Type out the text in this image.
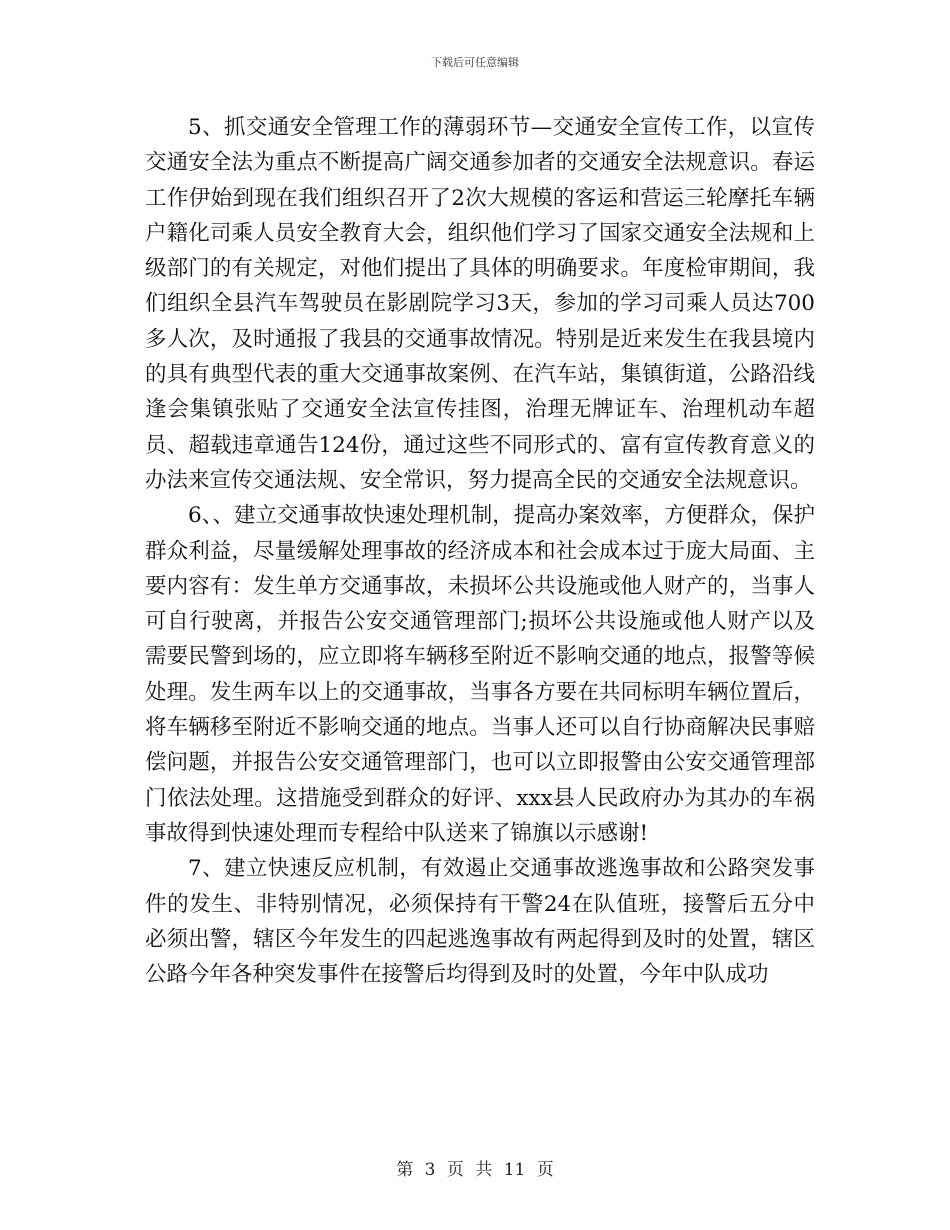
下载后可任意编辑

5、抓交通安全管理工作的薄弱环节—交通安全宣传工作，以宣传交通安全法为重点不断提高广阔交通参加者的交通安全法规意识。春运工作伊始到现在我们组织召开了2次大规模的客运和营运三轮摩托车辆户籍化司乘人员安全教育大会，组织他们学习了国家交通安全法规和上级部门的有关规定，对他们提出了具体的明确要求。年度检审期间，我们组织全县汽车驾驶员在影剧院学习3天，参加的学习司乘人员达700多人次，及时通报了我县的交通事故情况。特别是近来发生在我县境内的具有典型代表的重大交通事故案例、在汽车站，集镇街道，公路沿线逢会集镇张贴了交通安全法宣传挂图，治理无牌证车、治理机动车超员、超载违章通告124份，通过这些不同形式的、富有宣传教育意义的办法来宣传交通法规、安全常识，努力提高全民的交通安全法规意识。

6、、建立交通事故快速处理机制，提高办案效率，方便群众，保护群众利益，尽量缓解处理事故的经济成本和社会成本过于庞大局面、主要内容有：发生单方交通事故，未损坏公共设施或他人财产的，当事人可自行驶离，并报告公安交通管理部门;损坏公共设施或他人财产以及需要民警到场的，应立即将车辆移至附近不影响交通的地点，报警等候处理。发生两车以上的交通事故，当事各方要在共同标明车辆位置后，将车辆移至附近不影响交通的地点。当事人还可以自行协商解决民事赔偿问题，并报告公安交通管理部门，也可以立即报警由公安交通管理部门依法处理。这措施受到群众的好评、xxx县人民政府办为其办的车祸事故得到快速处理而专程给中队送来了锦旗以示感谢!

7、建立快速反应机制，有效遏止交通事故逃逸事故和公路突发事件的发生、非特别情况，必须保持有干警24在队值班，接警后五分中必须出警，辖区今年发生的四起逃逸事故有两起得到及时的处置，辖区公路今年各种突发事件在接警后均得到及时的处置，今年中队成功

第 3 页 共 11 页
